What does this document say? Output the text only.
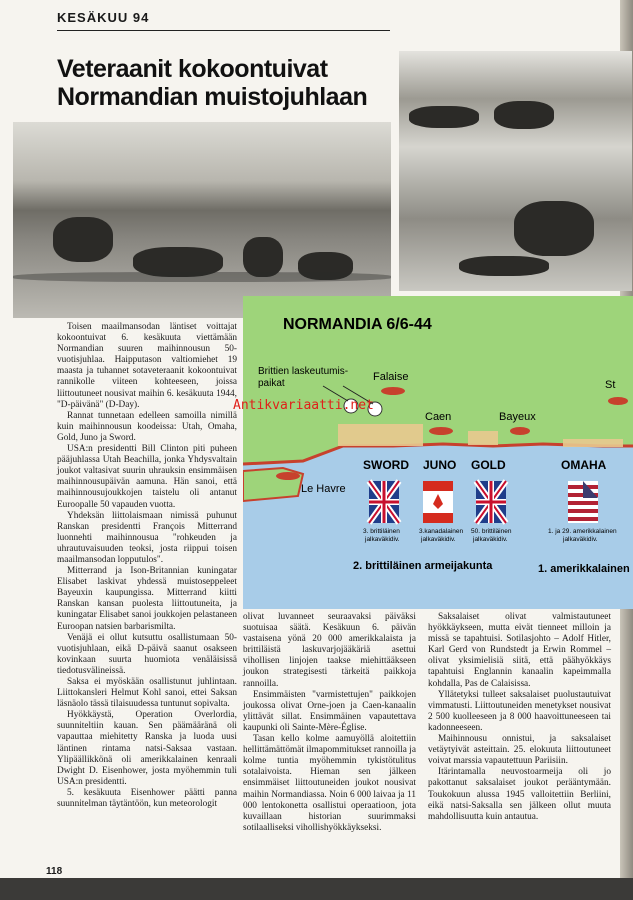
KESÄKUU 94
Veteraanit kokoontuivat
Normandian muistojuhlaan
NORMANDIA 6/6-44
Brittien laskeutumis-
paikat
Falaise
Caen	Bayeux
Le Havre
St
SWORD JUNO GOLD	OMAHA
3. brittiläinen
jalkaväkidiv.
3.kanadalainen
jalkaväkidiv.
50. brittiläinen
jalkaväkidiv.
1. ja 29. amerikkalainen
jalkaväkidiv.
2. brittiläinen armeijakunta	1. amerikkalainen
Antikvariaatti.net

Toisen maailmansodan läntiset voittajat kokoontuivat 6. kesäkuuta viettämään Normandian suuren maihinnousun 50-vuotisjuhlaa. Haipputason valtiomiehet 19 maasta ja tuhannet sotaveteraanit kokoontuivat rannikolle viiteen kohteeseen, joissa liittoutuneet nousivat maihin 6. kesäkuuta 1944, "D-päivänä" (D-Day).

Rannat tunnetaan edelleen samoilla nimillä kuin maihinnousun koodeissa: Utah, Omaha, Gold, Juno ja Sword.

USA:n presidentti Bill Clinton piti puheen pääjuhlassa Utah Beachilla, jonka Yhdysvaltain joukot valtasivat suurin uhrauksin ensimmäisen maihinnousupäivän aamuna. Hän sanoi, että maihinnousujoukkojen taistelu oli antanut Euroopalle 50 vapauden vuotta.

Yhdeksän liittolaismaan nimissä puhunut Ranskan presidentti François Mitterrand luonnehti maihinnousua "rohkeuden ja uhrautuvaisuuden teoksi, josta riippui toisen maailmansodan lopputulos".

Mitterrand ja Ison-Britannian kuningatar Elisabet laskivat yhdessä muistoseppeleet Bayeuxin kaupungissa. Mitterrand kiitti Ranskan kansan puolesta liittoutuneita, ja kuningatar Elisabet sanoi joukkojen pelastaneen Euroopan natsien barbarismilta.

Venäjä ei ollut kutsuttu osallistumaan 50-vuotisjuhlaan, eikä D-päivä saanut osakseen kovinkaan suurta huomiota venäläisissä tiedotusvälineissä.

Saksa ei myöskään osallistunut juhlintaan. Liittokansleri Helmut Kohl sanoi, ettei Saksan läsnäolo tässä tilaisuudessa tuntunut sopivalta.

Hyökkäystä, Operation Overlordia, suunniteltiin kauan. Sen päämääränä oli vapauttaa miehitetty Ranska ja luoda uusi läntinen rintama natsi-Saksaa vastaan. Ylipäällikkönä oli amerikkalainen kenraali Dwight D. Eisenhower, josta myöhemmin tuli USA:n presidentti.

5. kesäkuuta Eisenhower päätti panna suunnitelman täytäntöön, kun meteorologit

olivat luvanneet seuraavaksi päiväksi suotuisaa säätä. Kesäkuun 6. päivän vastaisena yönä 20 000 amerikkalaista ja brittiläistä laskuvarjojääkäriä asettui vihollisen linjojen taakse miehittääkseen joukon strategisesti tärkeitä paikkoja rannoilla.

Ensimmäisten "varmistettujen" paikkojen joukossa olivat Orne-joen ja Caen-kanaalin ylittävät sillat. Ensimmäinen vapautettava kaupunki oli Sainte-Mère-Église.

Tasan kello kolme aamuyöllä aloitettiin hellittämättömät ilmapommitukset rannoilla ja kolme tuntia myöhemmin tykistötulitus sotalaivoista. Hieman sen jälkeen ensimmäiset liittoutuneiden joukot nousivat maihin Normandiassa. Noin 6 000 laivaa ja 11 000 lentokonetta osallistui operaatioon, jota kuvaillaan historian suurimmaksi sotilaalliseksi vihollishyökkäykseksi.

Saksalaiset olivat valmistautuneet hyökkäykseen, mutta eivät tienneet milloin ja missä se tapahtuisi. Sotilasjohto – Adolf Hitler, Karl Gerd von Rundstedt ja Erwin Rommel – olivat yksimielisiä siitä, että päähyökkäys tapahtuisi Englannin kanaalin kapeimmalla kohdalla, Pas de Calaisissa.

Yllätetyksi tulleet saksalaiset puolustautuivat vimmatusti. Liittoutuneiden menetykset nousivat 2 500 kuolleeseen ja 8 000 haavoittuneeseen tai kadonneeseen.

Maihinnousu onnistui, ja saksalaiset vetäytyivät asteittain. 25. elokuuta liittoutuneet voivat marssia vapautettuun Pariisiin.

Itärintamalla neuvostoarmeija oli jo pakottanut saksalaiset joukot perääntymään. Toukokuun alussa 1945 valloitettiin Berliini, eikä natsi-Saksalla sen jälkeen ollut muuta mahdollisuutta kuin antautua.

118
